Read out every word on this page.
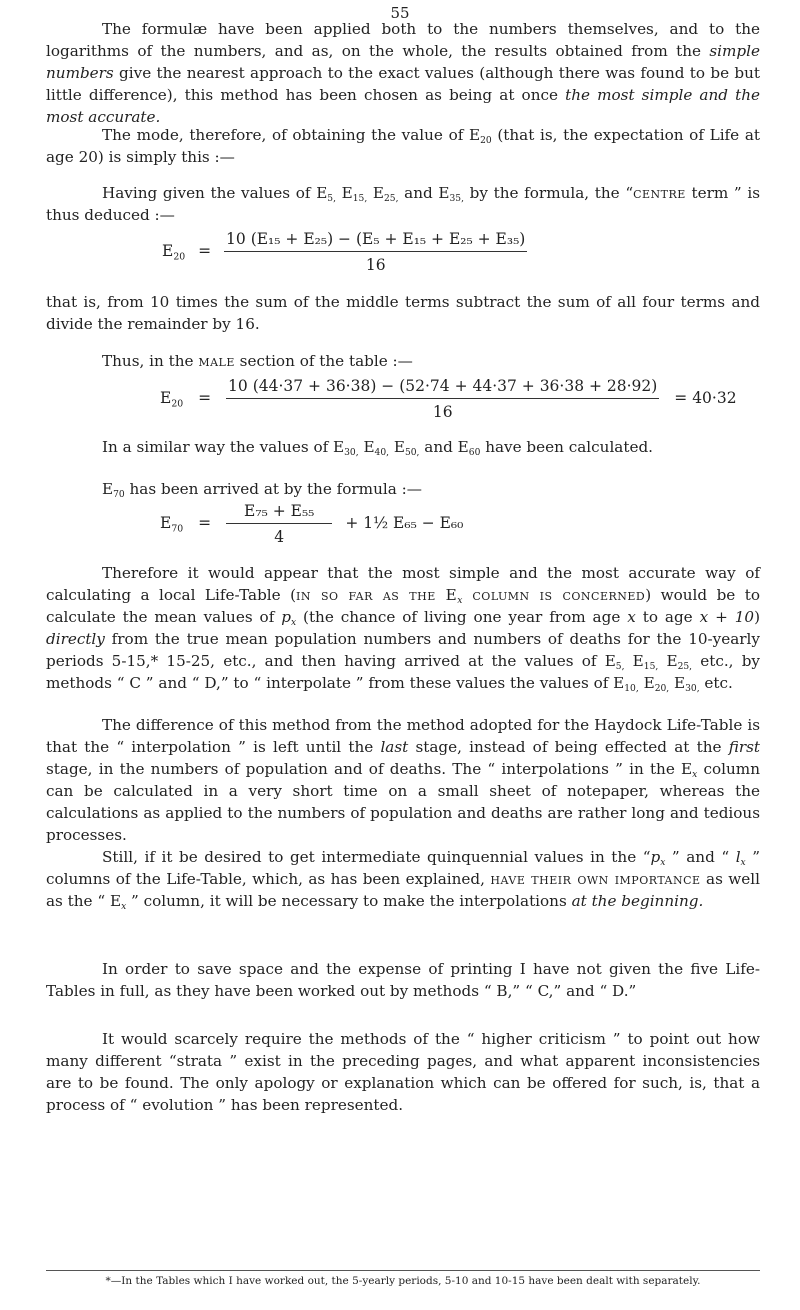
55

The formulæ have been applied both to the numbers themselves, and to the logarithms of the numbers, and as, on the whole, the results obtained from the simple numbers give the nearest approach to the exact values (although there was found to be but little difference), this method has been chosen as being at once the most simple and the most accurate.

The mode, therefore, of obtaining the value of $E_{20}$ (that is, the expectation of Life at age 20) is simply this :—

Having given the values of $E_{5,}$ $E_{15,}$ $E_{25,}$ and $E_{35,}$ by the formula, the “centre term ” is thus deduced :—

$E_{20} = \frac{\text{10 (E₁₅ + E₂₅) − (E₅ + E₁₅ + E₂₅ + E₃₅)}}{16}$

that is, from 10 times the sum of the middle terms subtract the sum of all four terms and divide the remainder by 16.

Thus, in the male section of the table :—

$E_{20} = \frac{10 (44\cdot 37 + 36\cdot 38) - (52\cdot 74 + 44\cdot 37 + 36\cdot 38 + 28\cdot 92)}{16} = 40\cdot 32$

In a similar way the values of $E_{30,}$ $E_{40,}$ $E_{50,}$ and $E_{60}$ have been calculated.

$E_{70}$ has been arrived at by the formula :—

$E_{70} = \frac{\text{E₇₅ + E₅₅}}{4}$ + 1½ E₆₅ − E₆₀

Therefore it would appear that the most simple and the most accurate way of calculating a local Life-Table (in so far as the $E_x$ column is concerned) would be to calculate the mean values of $p_x$ (the chance of living one year from age x to age x + 10) directly from the true mean population numbers and numbers of deaths for the 10-yearly periods 5-15,* 15-25, etc., and then having arrived at the values of $E_{5,}$ $E_{15,}$ $E_{25,}$ etc., by methods “ C ” and “ D,” to “ interpolate ” from these values the values of $E_{10,}$ $E_{20,}$ $E_{30,}$ etc.

The difference of this method from the method adopted for the Haydock Life-Table is that the “ interpolation ” is left until the last stage, instead of being effected at the first stage, in the numbers of population and of deaths. The “ interpolations ” in the $E_x$ column can be calculated in a very short time on a small sheet of notepaper, whereas the calculations as applied to the numbers of population and deaths are rather long and tedious processes.

Still, if it be desired to get intermediate quinquennial values in the “$p_x$ ” and “ $l_x$ ” columns of the Life-Table, which, as has been explained, have their own importance as well as the “ $E_x$ ” column, it will be necessary to make the interpolations at the beginning.

In order to save space and the expense of printing I have not given the five Life-Tables in full, as they have been worked out by methods “ B,” “ C,” and “ D.”

It would scarcely require the methods of the “ higher criticism ” to point out how many different “strata ” exist in the preceding pages, and what apparent inconsistencies are to be found. The only apology or explanation which can be offered for such, is, that a process of “ evolution ” has been represented.

*—In the Tables which I have worked out, the 5-yearly periods, 5-10 and 10-15 have been dealt with separately.
